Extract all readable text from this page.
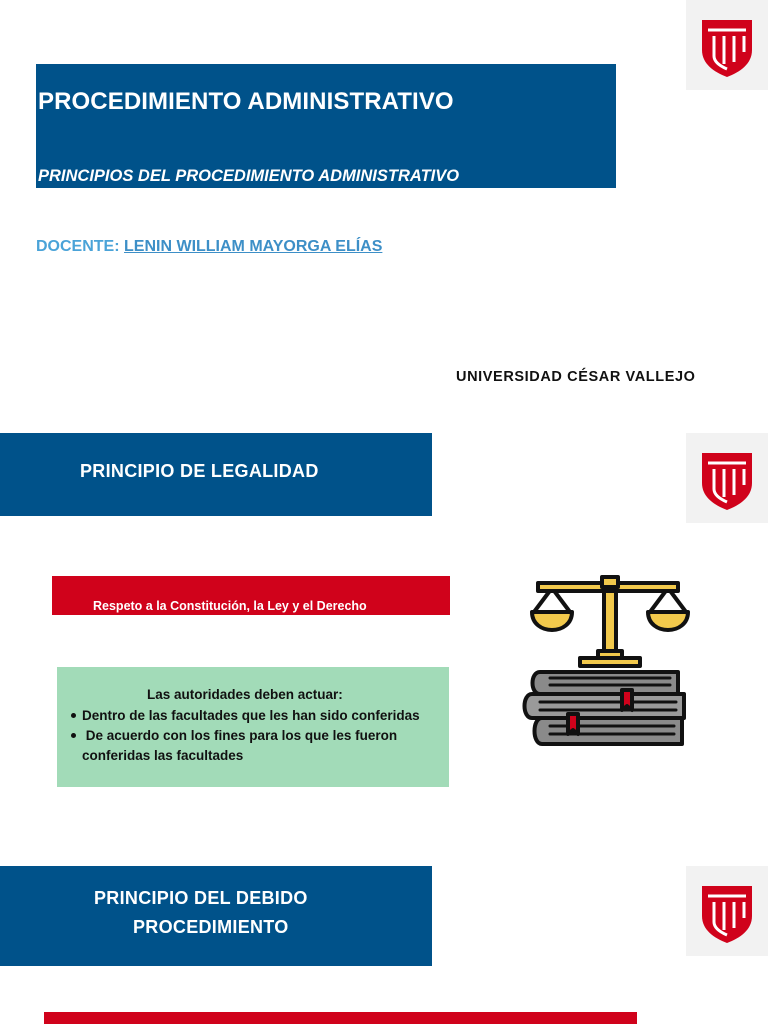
PROCEDIMIENTO ADMINISTRATIVO
PRINCIPIOS DEL PROCEDIMIENTO ADMINISTRATIVO
DOCENTE: LENIN WILLIAM MAYORGA ELÍAS
UNIVERSIDAD CÉSAR VALLEJO
PRINCIPIO DE LEGALIDAD
Respeto a la Constitución, la Ley y el Derecho
Las autoridades deben actuar:
Dentro de las facultades que les han sido conferidas
De acuerdo con los fines para los que les fueron
conferidas las facultades
PRINCIPIO DEL DEBIDO
PROCEDIMIENTO
